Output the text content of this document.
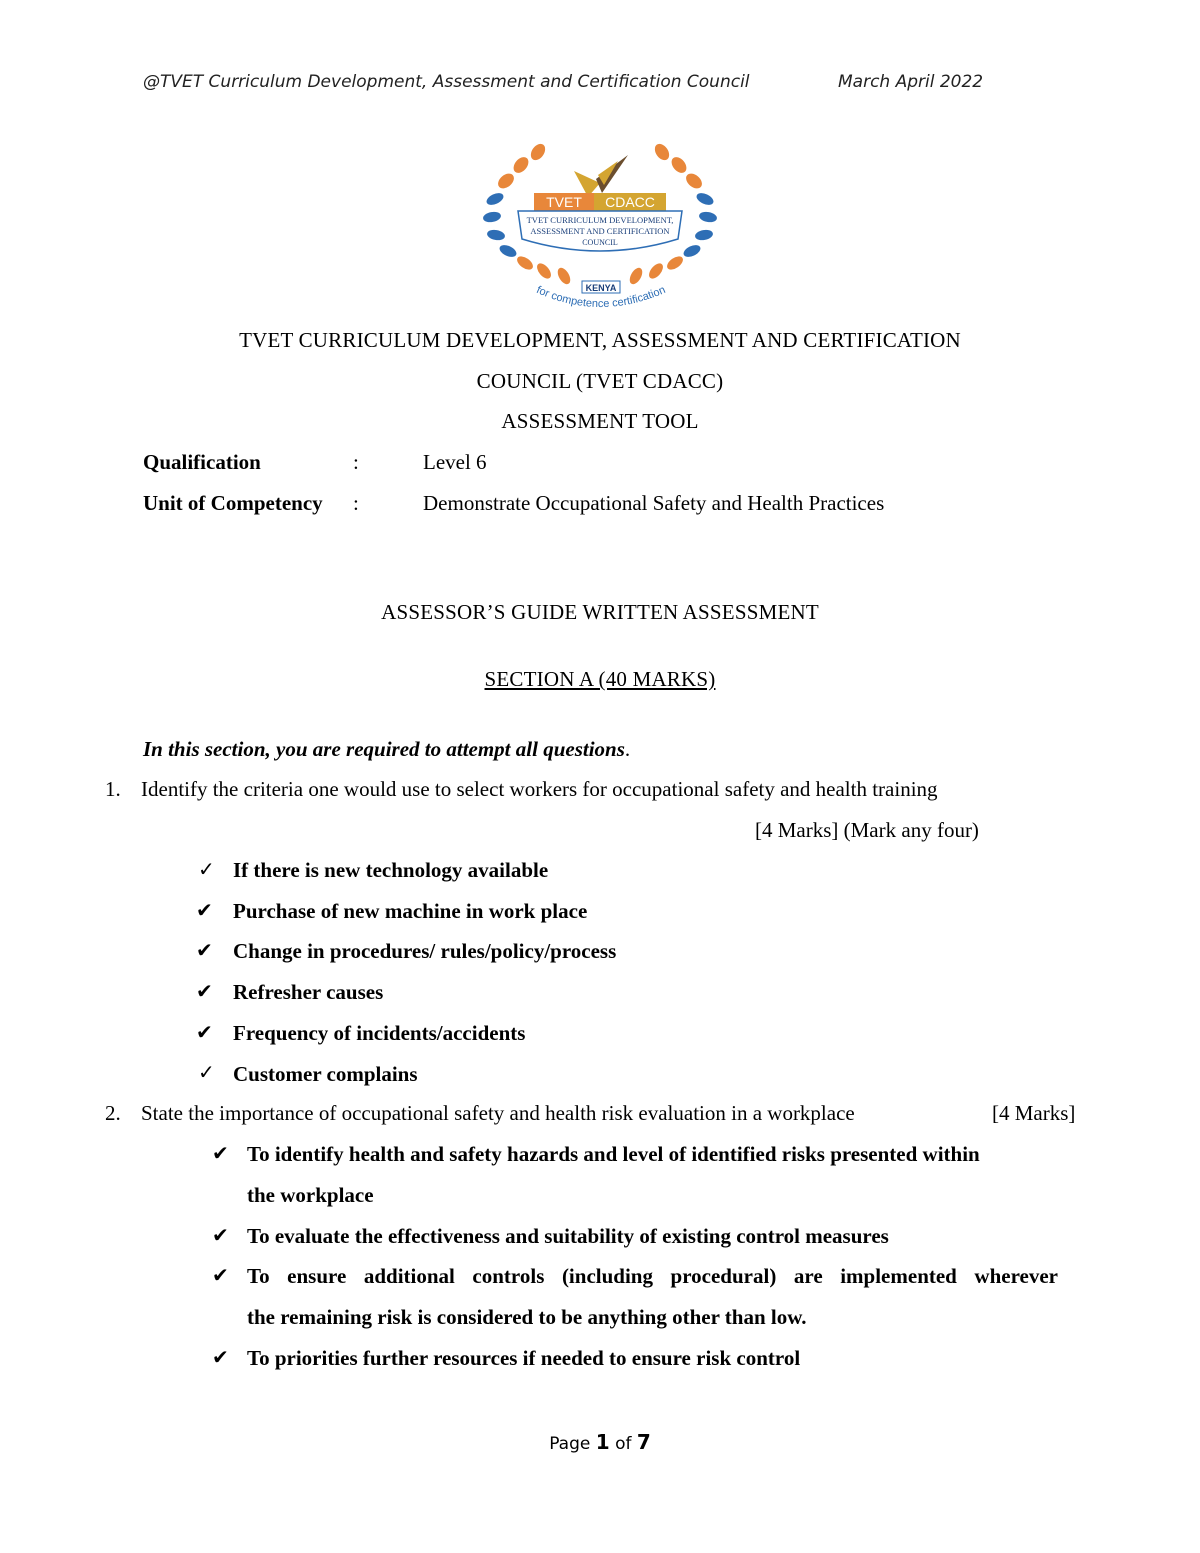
@TVET Curriculum Development, Assessment and Certification Council	March April 2022
TVET CDACC
TVET CURRICULUM DEVELOPMENT,
ASSESSMENT AND CERTIFICATION
COUNCIL
KENYA
for competence certification
TVET CURRICULUM DEVELOPMENT, ASSESSMENT AND CERTIFICATION
COUNCIL (TVET CDACC)
ASSESSMENT TOOL
Qualification	:	Level 6
Unit of Competency :	Demonstrate Occupational Safety and Health Practices
ASSESSOR’S GUIDE WRITTEN ASSESSMENT
SECTION A (40 MARKS)
In this section, you are required to attempt all questions.
1. Identify the criteria one would use to select workers for occupational safety and health training
[4 Marks] (Mark any four)
✓ If there is new technology available
✔ Purchase of new machine in work place
✔ Change in procedures/ rules/policy/process
✔ Refresher causes
✔ Frequency of incidents/accidents
✓ Customer complains
2. State the importance of occupational safety and health risk evaluation in a workplace	[4 Marks]
✔ To identify health and safety hazards and level of identified risks presented within
the workplace
✔ To evaluate the effectiveness and suitability of existing control measures
✔ To ensure additional controls (including procedural) are implemented wherever
the remaining risk is considered to be anything other than low.
✔ To priorities further resources if needed to ensure risk control
Page 1 of 7
